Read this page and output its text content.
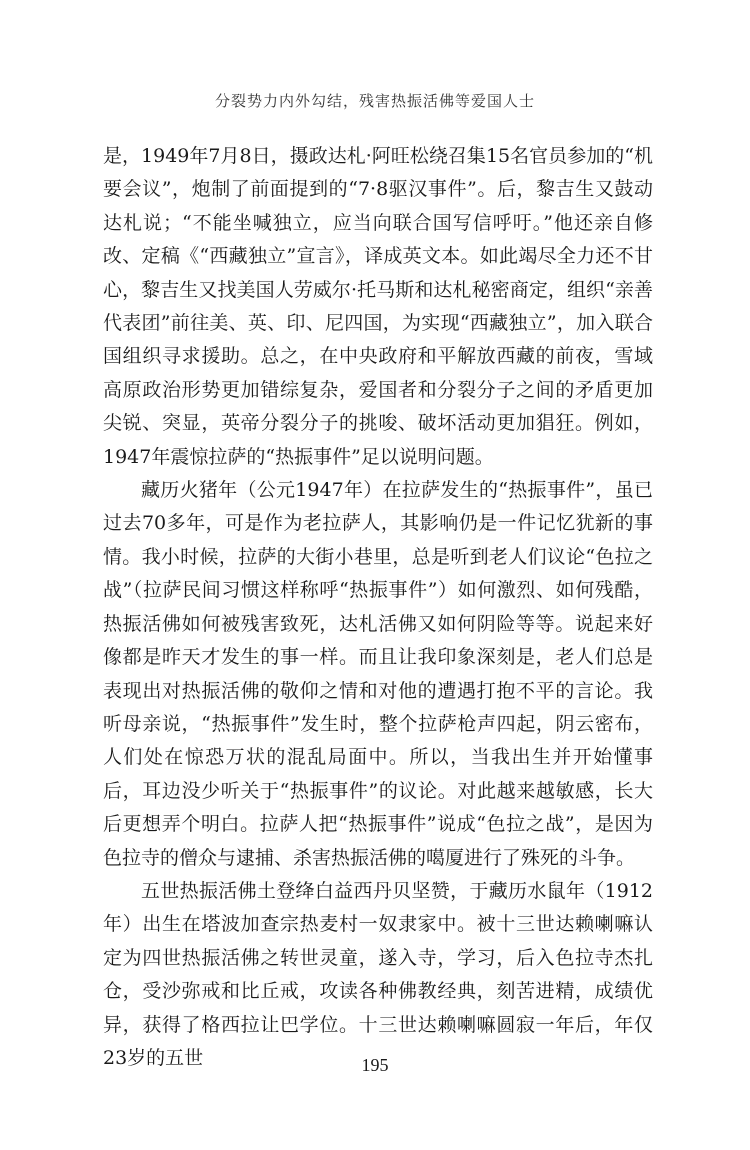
分裂势力内外勾结，残害热振活佛等爱国人士

是，1949年7月8日，摄政达札·阿旺松绕召集15名官员参加的“机要会议”，炮制了前面提到的“7·8驱汉事件”。后，黎吉生又鼓动达札说；“不能坐喊独立，应当向联合国写信呼吁。”他还亲自修改、定稿《“西藏独立”宣言》，译成英文本。如此竭尽全力还不甘心，黎吉生又找美国人劳威尔·托马斯和达札秘密商定，组织“亲善代表团”前往美、英、印、尼四国，为实现“西藏独立”，加入联合国组织寻求援助。总之，在中央政府和平解放西藏的前夜，雪域高原政治形势更加错综复杂，爱国者和分裂分子之间的矛盾更加尖锐、突显，英帝分裂分子的挑唆、破坏活动更加猖狂。例如，1947年震惊拉萨的“热振事件”足以说明问题。

藏历火猪年（公元1947年）在拉萨发生的“热振事件”，虽已过去70多年，可是作为老拉萨人，其影响仍是一件记忆犹新的事情。我小时候，拉萨的大街小巷里，总是听到老人们议论“色拉之战”（拉萨民间习惯这样称呼“热振事件”）如何激烈、如何残酷，热振活佛如何被残害致死，达札活佛又如何阴险等等。说起来好像都是昨天才发生的事一样。而且让我印象深刻是，老人们总是表现出对热振活佛的敬仰之情和对他的遭遇打抱不平的言论。我听母亲说，“热振事件”发生时，整个拉萨枪声四起，阴云密布，人们处在惊恐万状的混乱局面中。所以，当我出生并开始懂事后，耳边没少听关于“热振事件”的议论。对此越来越敏感，长大后更想弄个明白。拉萨人把“热振事件”说成“色拉之战”，是因为色拉寺的僧众与逮捕、杀害热振活佛的噶厦进行了殊死的斗争。

五世热振活佛土登绛白益西丹贝坚赞，于藏历水鼠年（1912年）出生在塔波加查宗热麦村一奴隶家中。被十三世达赖喇嘛认定为四世热振活佛之转世灵童，遂入寺，学习，后入色拉寺杰扎仓，受沙弥戒和比丘戒，攻读各种佛教经典，刻苦进精，成绩优异，获得了格西拉让巴学位。十三世达赖喇嘛圆寂一年后，年仅23岁的五世	195
